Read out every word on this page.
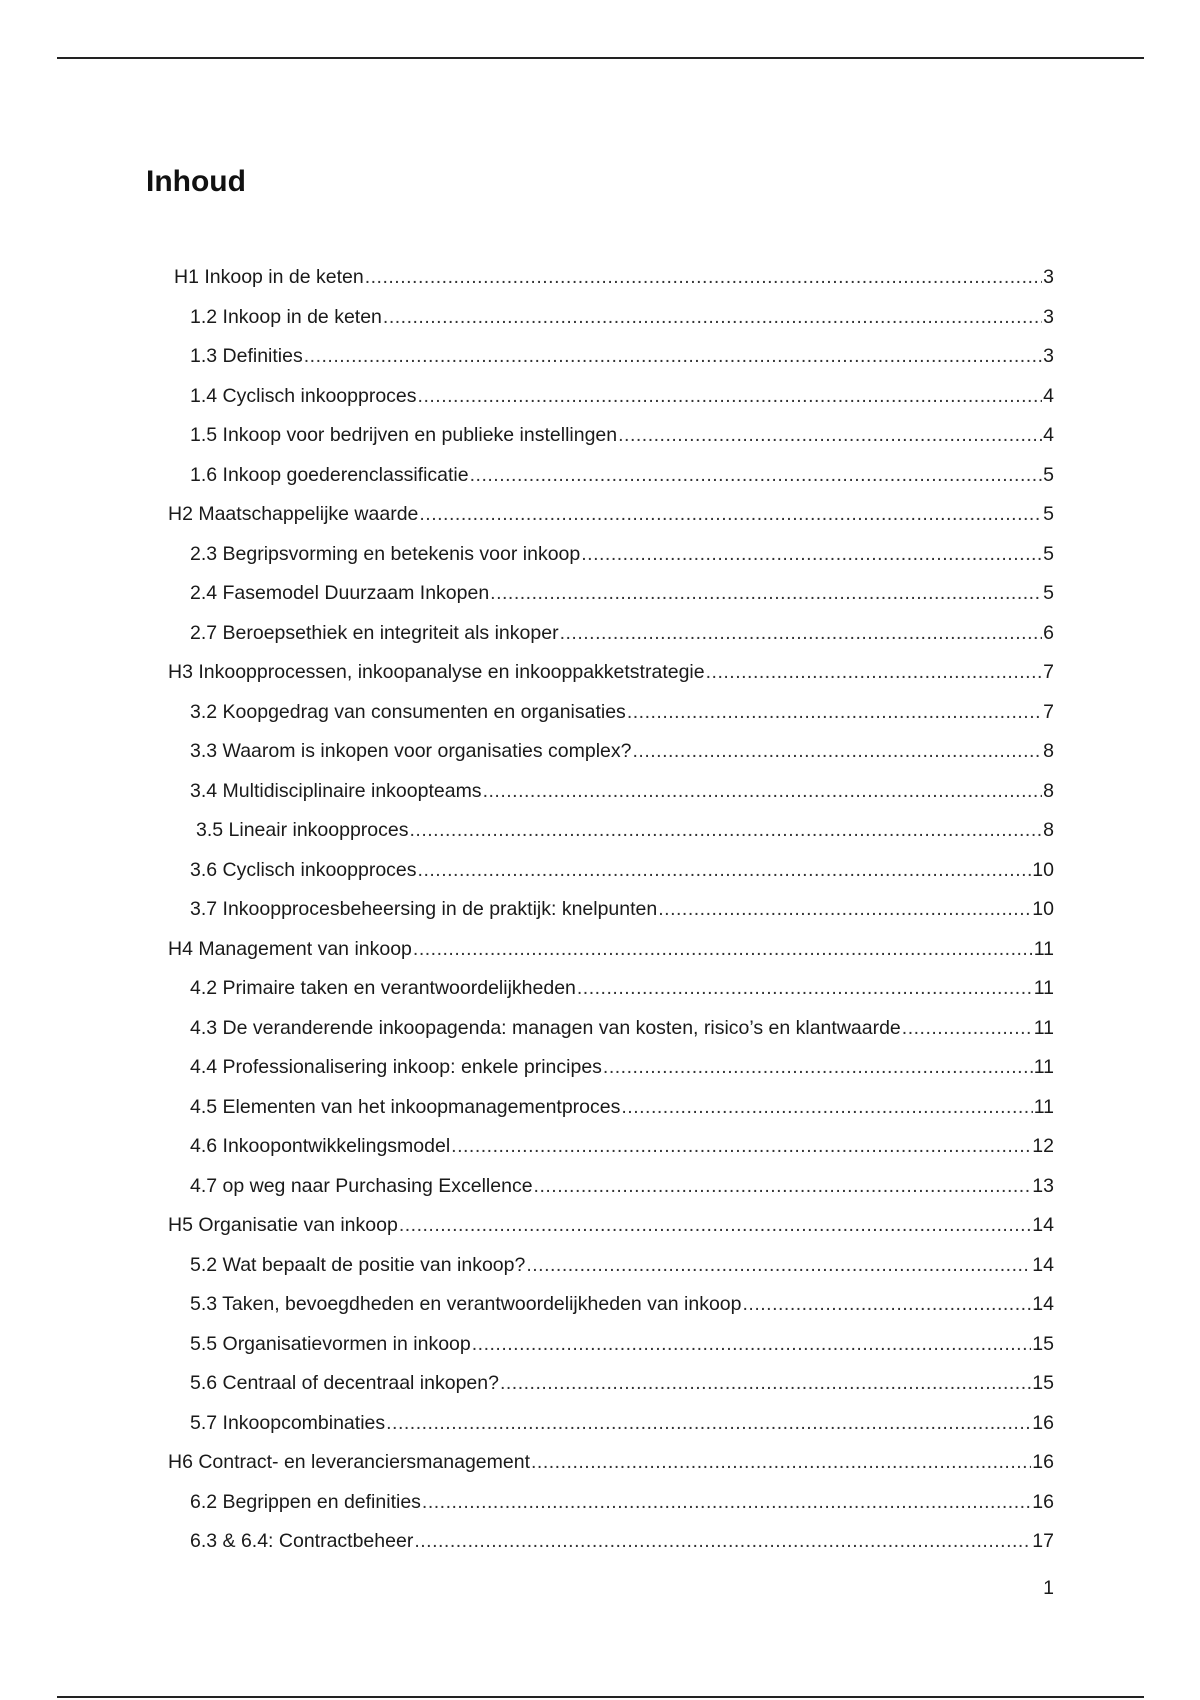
Inhoud
H1 Inkoop in de keten .....	3
1.2 Inkoop in de keten .....	3
1.3 Definities .....	3
1.4 Cyclisch inkoopproces .....	4
1.5 Inkoop voor bedrijven en publieke instellingen .....	4
1.6 Inkoop goederenclassificatie .....	5
H2 Maatschappelijke waarde .....	5
2.3 Begripsvorming en betekenis voor inkoop .....	5
2.4 Fasemodel Duurzaam Inkopen .....	5
2.7 Beroepsethiek en integriteit als inkoper .....	6
H3 Inkoopprocessen, inkoopanalyse en inkooppakketstrategie .....	7
3.2 Koopgedrag van consumenten en organisaties .....	7
3.3 Waarom is inkopen voor organisaties complex? .....	8
3.4 Multidisciplinaire inkoopteams .....	8
3.5 Lineair inkoopproces .....	8
3.6 Cyclisch inkoopproces .....	10
3.7 Inkoopprocesbeheersing in de praktijk: knelpunten .....	10
H4 Management van inkoop .....	11
4.2 Primaire taken en verantwoordelijkheden .....	11
4.3 De veranderende inkoopagenda: managen van kosten, risico’s en klantwaarde .....	11
4.4 Professionalisering inkoop: enkele principes .....	11
4.5 Elementen van het inkoopmanagementproces .....	11
4.6 Inkoopontwikkelingsmodel .....	12
4.7 op weg naar Purchasing Excellence .....	13
H5 Organisatie van inkoop .....	14
5.2 Wat bepaalt de positie van inkoop? .....	14
5.3 Taken, bevoegdheden en verantwoordelijkheden van inkoop .....	14
5.5 Organisatievormen in inkoop .....	15
5.6 Centraal of decentraal inkopen? .....	15
5.7 Inkoopcombinaties .....	16
H6 Contract- en leveranciersmanagement .....	16
6.2 Begrippen en definities .....	16
6.3 & 6.4: Contractbeheer .....	17
1
